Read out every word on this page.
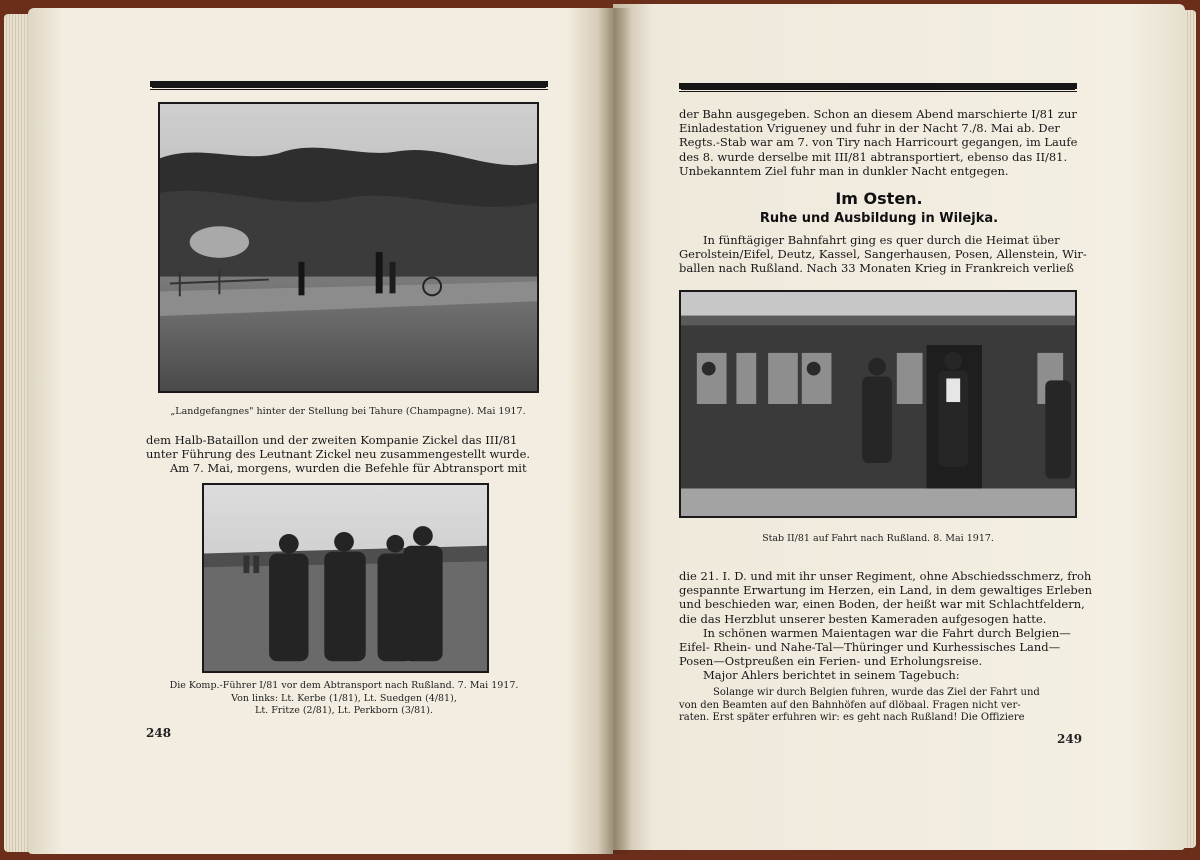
„Landgefangnes" hinter der Stellung bei Tahure (Champagne). Mai 1917.
dem Halb-Bataillon und der zweiten Kompanie Zickel das III/81
unter Führung des Leutnant Zickel neu zusammengestellt wurde.
Am 7. Mai, morgens, wurden die Befehle für Abtransport mit
Die Komp.-Führer I/81 vor dem Abtransport nach Rußland. 7. Mai 1917.
Von links: Lt. Kerbe (1/81), Lt. Suedgen (4/81),
Lt. Fritze (2/81), Lt. Perkborn (3/81).
248
der Bahn ausgegeben. Schon an diesem Abend marschierte I/81 zur
Einladestation Vrigueney und fuhr in der Nacht 7./8. Mai ab. Der
Regts.-Stab war am 7. von Tiry nach Harricourt gegangen, im Laufe
des 8. wurde derselbe mit III/81 abtransportiert, ebenso das II/81.
Unbekanntem Ziel fuhr man in dunkler Nacht entgegen.
Im Osten.
Ruhe und Ausbildung in Wilejka.
In fünftägiger Bahnfahrt ging es quer durch die Heimat über
Gerolstein/Eifel, Deutz, Kassel, Sangerhausen, Posen, Allenstein, Wir-
ballen nach Rußland. Nach 33 Monaten Krieg in Frankreich verließ
Stab II/81 auf Fahrt nach Rußland. 8. Mai 1917.
die 21. I. D. und mit ihr unser Regiment, ohne Abschiedsschmerz, froh
gespannte Erwartung im Herzen, ein Land, in dem gewaltiges Erleben
und beschieden war, einen Boden, der heißt war mit Schlachtfeldern,
die das Herzblut unserer besten Kameraden aufgesogen hatte.
In schönen warmen Maientagen war die Fahrt durch Belgien—
Eifel- Rhein- und Nahe-Tal—Thüringer und Kurhessisches Land—
Posen—Ostpreußen ein Ferien- und Erholungsreise.
Major Ahlers berichtet in seinem Tagebuch:
Solange wir durch Belgien fuhren, wurde das Ziel der Fahrt und
von den Beamten auf den Bahnhöfen auf dlöbaal. Fragen nicht ver-
raten. Erst später erfuhren wir: es geht nach Rußland! Die Offiziere
249
